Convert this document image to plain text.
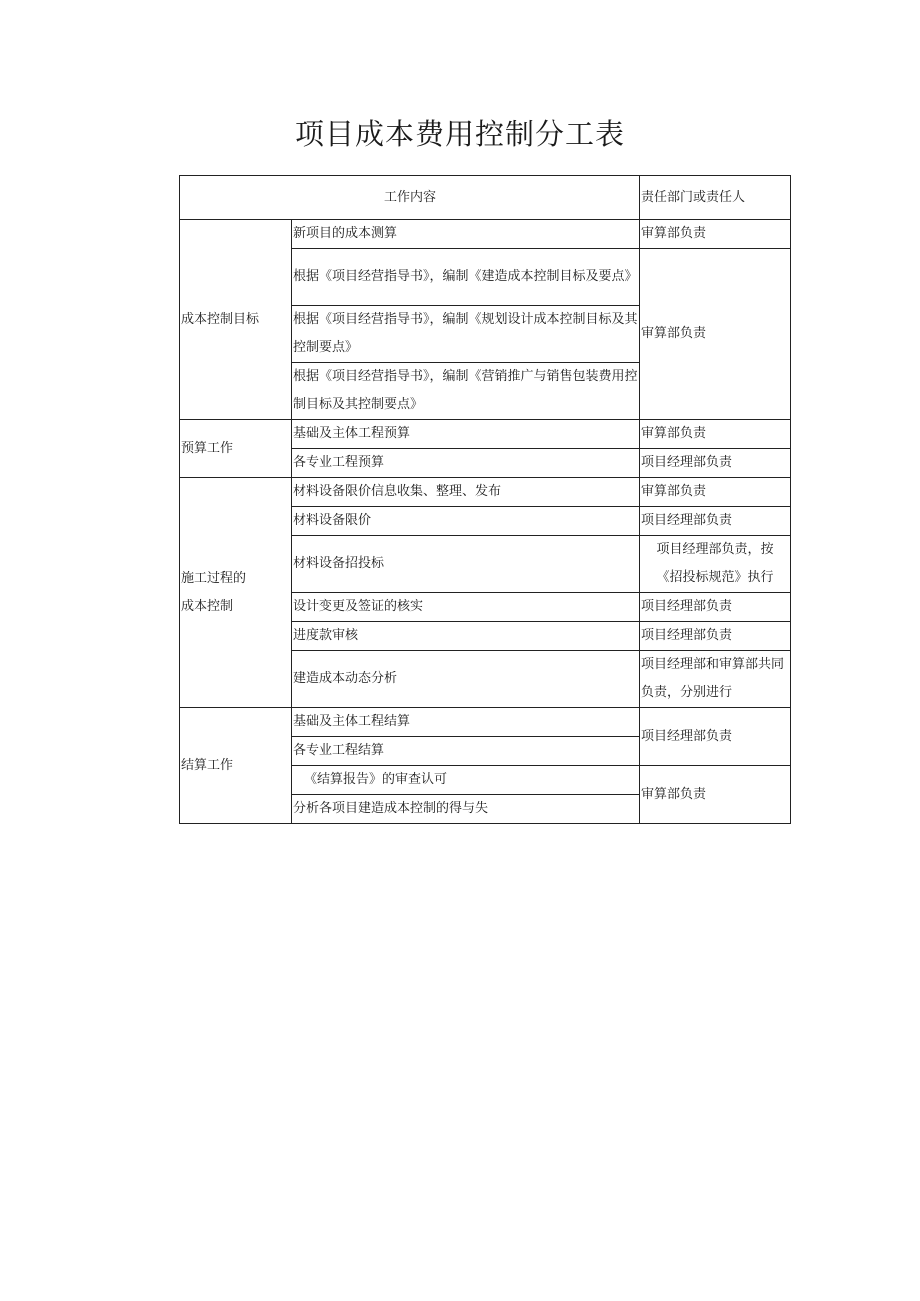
项目成本费用控制分工表
工作内容		责任部门或责任人
成本控制目标	新项目的成本测算	审算部负责
	根据《项目经营指导书》，编制《建造成本控制目标及要点》	审算部负责
	根据《项目经营指导书》，编制《规划设计成本控制目标及其控制要点》	
	根据《项目经营指导书》，编制《营销推广与销售包装费用控制目标及其控制要点》	
预算工作	基础及主体工程预算	审算部负责
	各专业工程预算	项目经理部负责
施工过程的成本控制	材料设备限价信息收集、整理、发布	审算部负责
	材料设备限价	项目经理部负责
	材料设备招投标	项目经理部负责，按《招投标规范》执行
	设计变更及签证的核实	项目经理部负责
	进度款审核	项目经理部负责
	建造成本动态分析	项目经理部和审算部共同负责，分别进行
结算工作	基础及主体工程结算	项目经理部负责
	各专业工程结算	
	《结算报告》的审查认可	审算部负责
	分析各项目建造成本控制的得与失	
